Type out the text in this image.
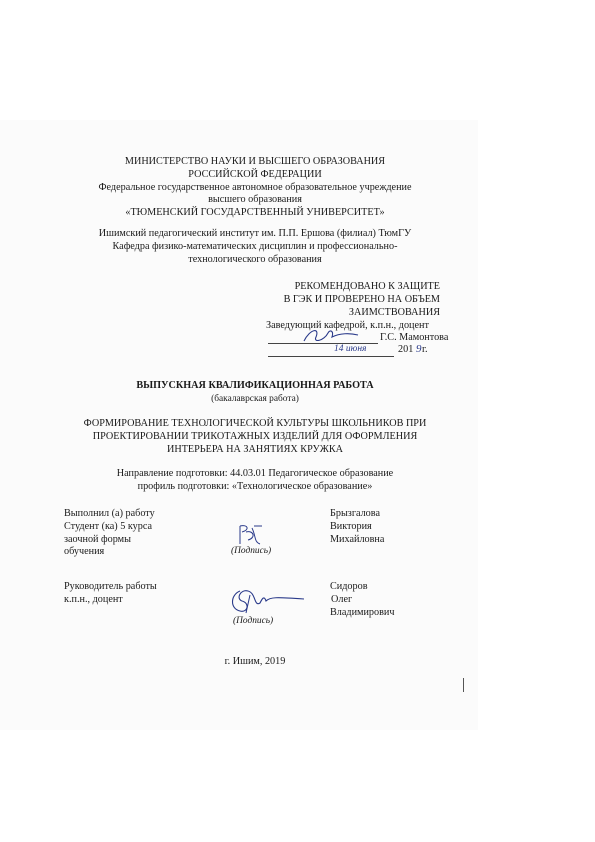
МИНИСТЕРСТВО НАУКИ И ВЫСШЕГО ОБРАЗОВАНИЯ
РОССИЙСКОЙ ФЕДЕРАЦИИ
Федеральное государственное автономное образовательное учреждение
высшего образования
«ТЮМЕНСКИЙ ГОСУДАРСТВЕННЫЙ УНИВЕРСИТЕТ»
Ишимский педагогический институт им. П.П. Ершова (филиал) ТюмГУ
Кафедра физико-математических дисциплин и профессионально-
технологического образования
РЕКОМЕНДОВАНО К ЗАЩИТЕ
В ГЭК И ПРОВЕРЕНО НА ОБЪЕМ
ЗАИМСТВОВАНИЯ
Заведующий кафедрой, к.п.н., доцент
Г.С. Мамонтова
14 июня	201 9 г.
ВЫПУСКНАЯ КВАЛИФИКАЦИОННАЯ РАБОТА
(бакалаврская работа)
ФОРМИРОВАНИЕ ТЕХНОЛОГИЧЕСКОЙ КУЛЬТУРЫ ШКОЛЬНИКОВ ПРИ
ПРОЕКТИРОВАНИИ ТРИКОТАЖНЫХ ИЗДЕЛИЙ ДЛЯ ОФОРМЛЕНИЯ
ИНТЕРЬЕРА НА ЗАНЯТИЯХ КРУЖКА
Направление подготовки: 44.03.01 Педагогическое образование
профиль подготовки: «Технологическое образование»
Выполнил (а) работу
Студент (ка) 5 курса
заочной формы
обучения	(Подпись)
Брызгалова
Виктория
Михайловна
Руководитель работы
к.п.н., доцент
(Подпись)
Сидоров
Олег
Владимирович
г. Ишим, 2019
